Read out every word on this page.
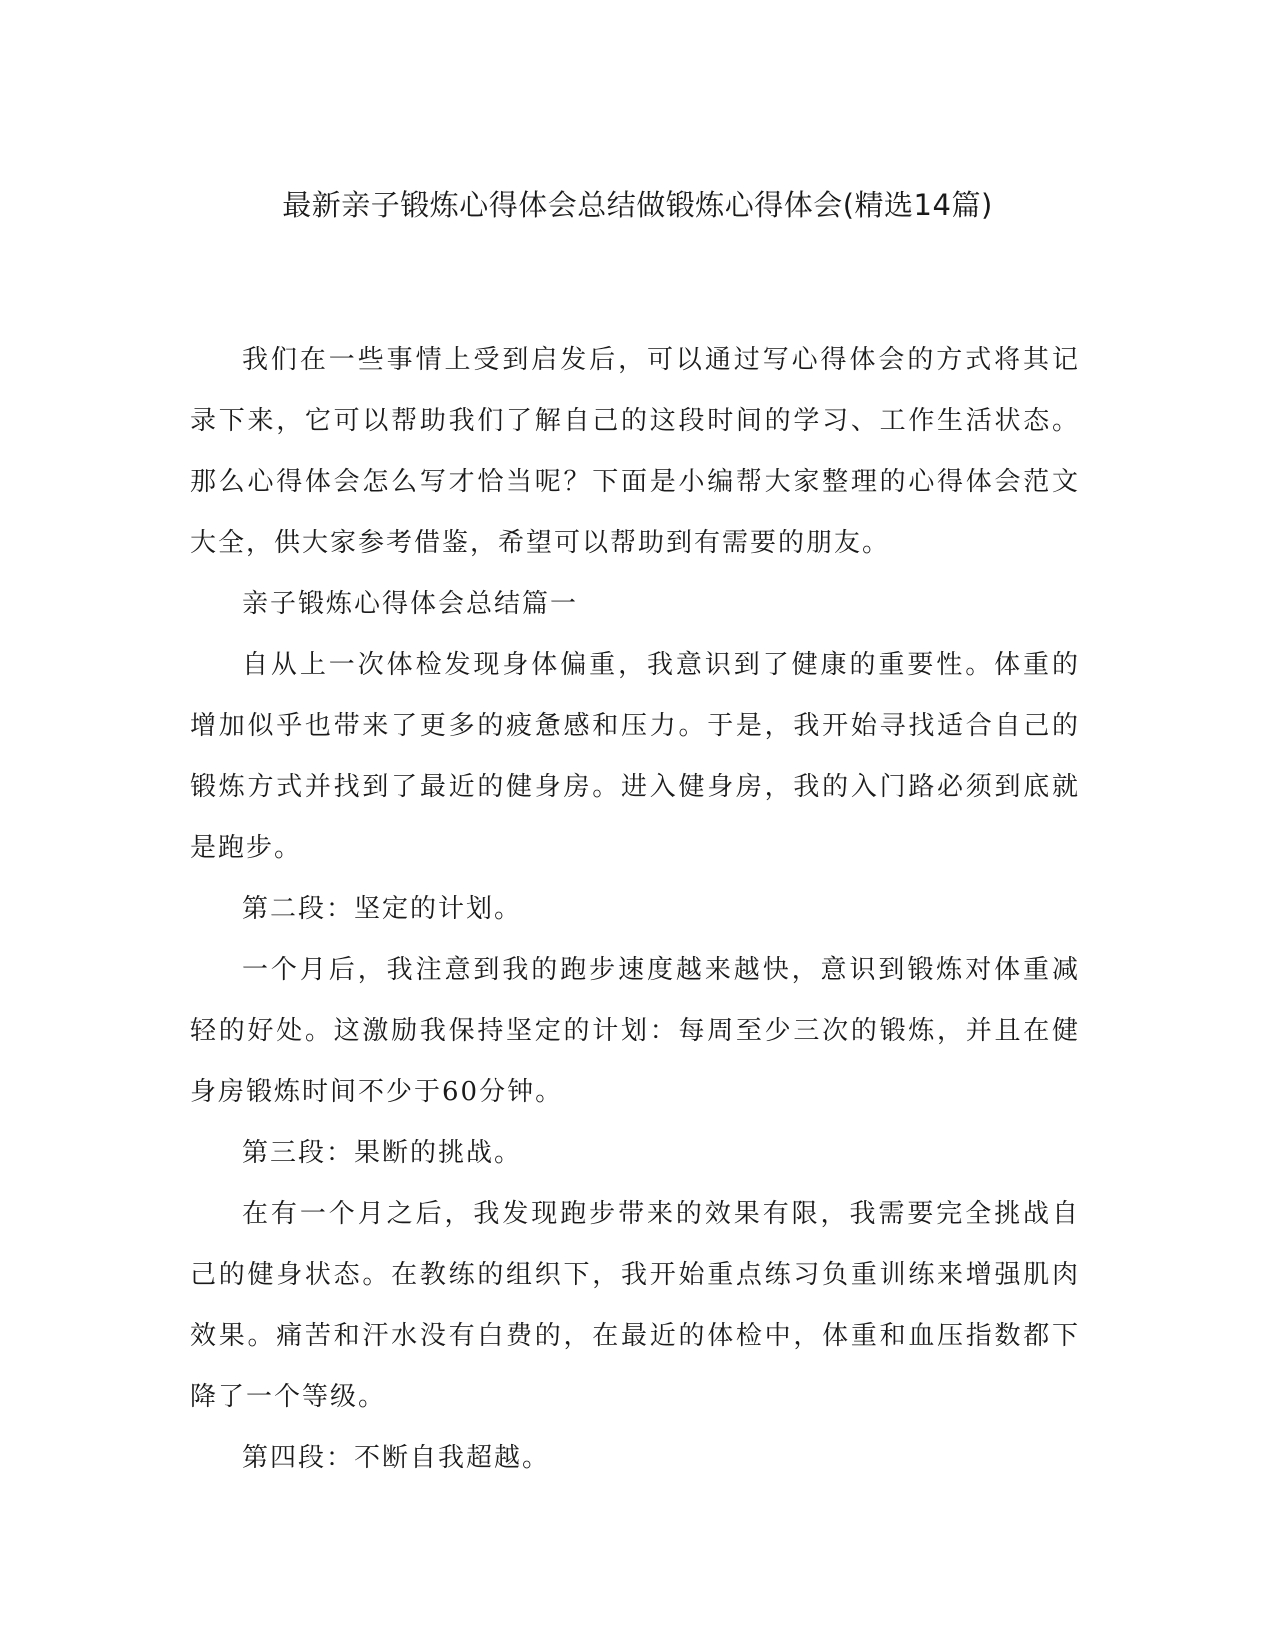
最新亲子锻炼心得体会总结做锻炼心得体会(精选14篇)

我们在一些事情上受到启发后，可以通过写心得体会的方式将其记录下来，它可以帮助我们了解自己的这段时间的学习、工作生活状态。那么心得体会怎么写才恰当呢？下面是小编帮大家整理的心得体会范文大全，供大家参考借鉴，希望可以帮助到有需要的朋友。

亲子锻炼心得体会总结篇一

自从上一次体检发现身体偏重，我意识到了健康的重要性。体重的增加似乎也带来了更多的疲惫感和压力。于是，我开始寻找适合自己的锻炼方式并找到了最近的健身房。进入健身房，我的入门路必须到底就是跑步。

第二段：坚定的计划。

一个月后，我注意到我的跑步速度越来越快，意识到锻炼对体重减轻的好处。这激励我保持坚定的计划：每周至少三次的锻炼，并且在健身房锻炼时间不少于60分钟。

第三段：果断的挑战。

在有一个月之后，我发现跑步带来的效果有限，我需要完全挑战自己的健身状态。在教练的组织下，我开始重点练习负重训练来增强肌肉效果。痛苦和汗水没有白费的，在最近的体检中，体重和血压指数都下降了一个等级。

第四段：不断自我超越。
